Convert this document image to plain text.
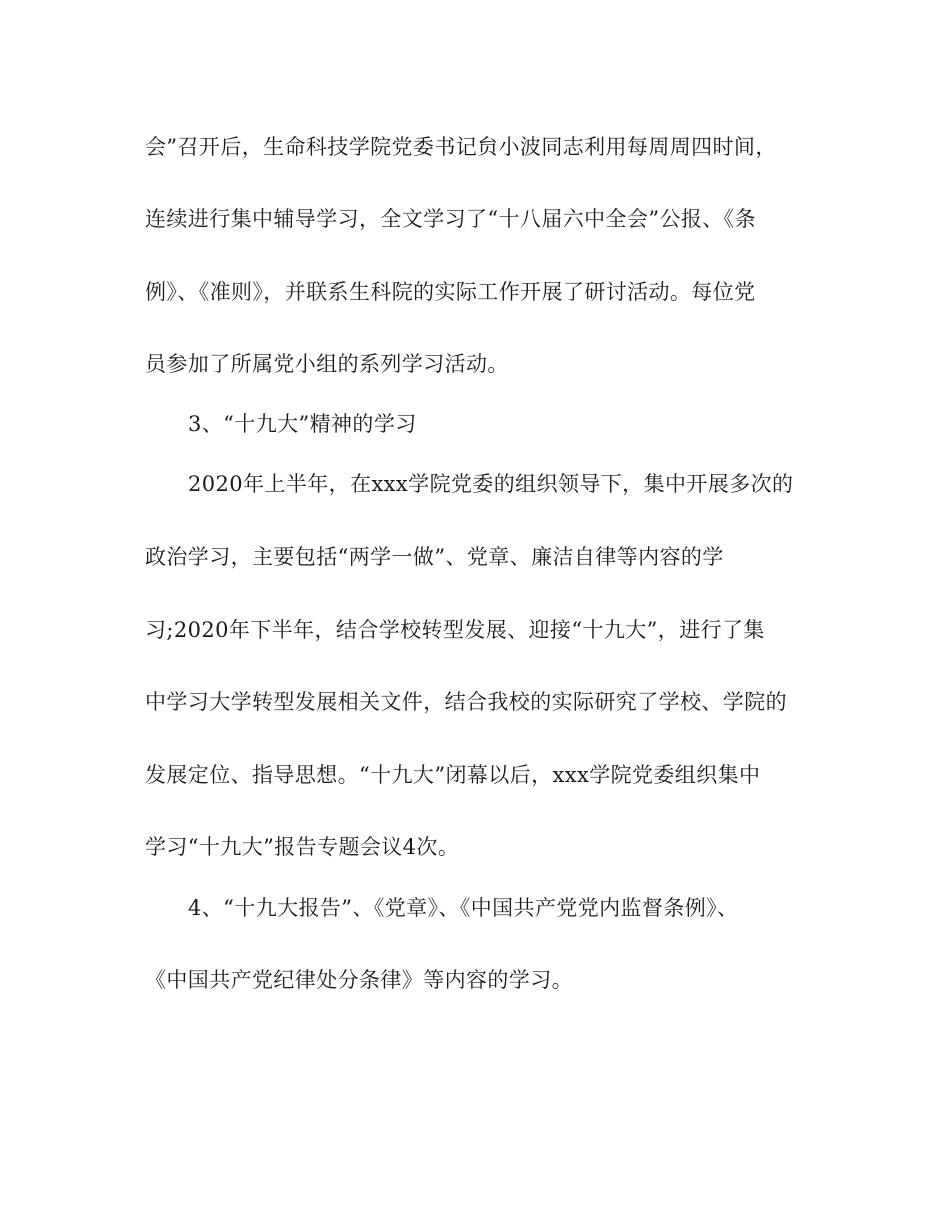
会”召开后，生命科技学院党委书记贠小波同志利用每周周四时间，
连续进行集中辅导学习，全文学习了“十八届六中全会”公报、《条
例》、《准则》，并联系生科院的实际工作开展了研讨活动。每位党
员参加了所属党小组的系列学习活动。
3、“十九大”精神的学习
2020年上半年，在xxx学院党委的组织领导下，集中开展多次的
政治学习，主要包括“两学一做”、党章、廉洁自律等内容的学
习;2020年下半年，结合学校转型发展、迎接“十九大”，进行了集
中学习大学转型发展相关文件，结合我校的实际研究了学校、学院的
发展定位、指导思想。“十九大”闭幕以后，xxx学院党委组织集中
学习“十九大”报告专题会议4次。
4、“十九大报告”、《党章》、《中国共产党党内监督条例》、
《中国共产党纪律处分条律》等内容的学习。
